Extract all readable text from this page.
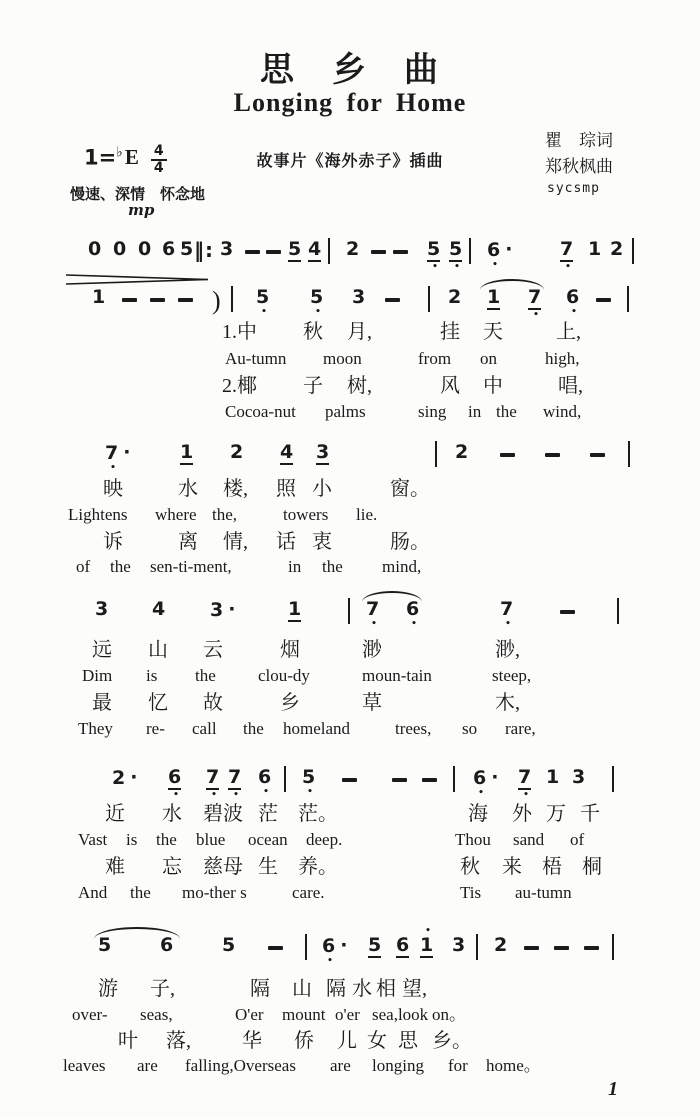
思　乡　曲
Longing for Home
$1=^♭E \frac{4}{4}$	故事片《海外赤子》插曲
瞿　琮词
郑秋枫曲
sycsmp
慢速、深情　怀念地
mp
0 0 0 6 5 ‖: 3	5 4 2	5
•
5
•
6 ·
•
7
•
1 2
1	) 5
•
5
•
3	2 1 7
•
6
•
1.中 秋 月,	挂 天	上,
Au-tumn moon	from on	high,
2.椰 子 树,	风 中	唱,
Cocoa-nut palms	sing in the wind,
7 ·
•
1 2 4 3	2
映	水 楼, 照 小	窗。
Lightens where the,	towers lie.
诉	离 情, 话 衷	肠。
of the sen-ti-ment,	in the mind,
3 4 3 ·	1	7
•
6
•
7
•
远 山 云	烟	渺	渺,
Dim is the clou-dy	moun-tain	steep,
最 忆 故	乡	草	木,
They re- call the homeland	trees, so rare,
2 · 6
•
7
•
7
•
6
•
5
•
6 ·
•
7
•
1 3
近 水 碧波 茫 茫。	海 外 万 千
Vast is the blue ocean deep.	Thou sand of
难 忘 慈母 生 养。	秋 来 梧 桐
And the mo-ther s	care.	Tis au-tumn
5	6	5	6 ·
•
5 6 1
•
3 2
游 子,	隔 山 隔 水 相 望,
over- seas,	O'er mount o'er sea,look on。
叶 落,	华 侨 儿 女 思 乡。
leaves are falling,Overseas are longing for home。
1
